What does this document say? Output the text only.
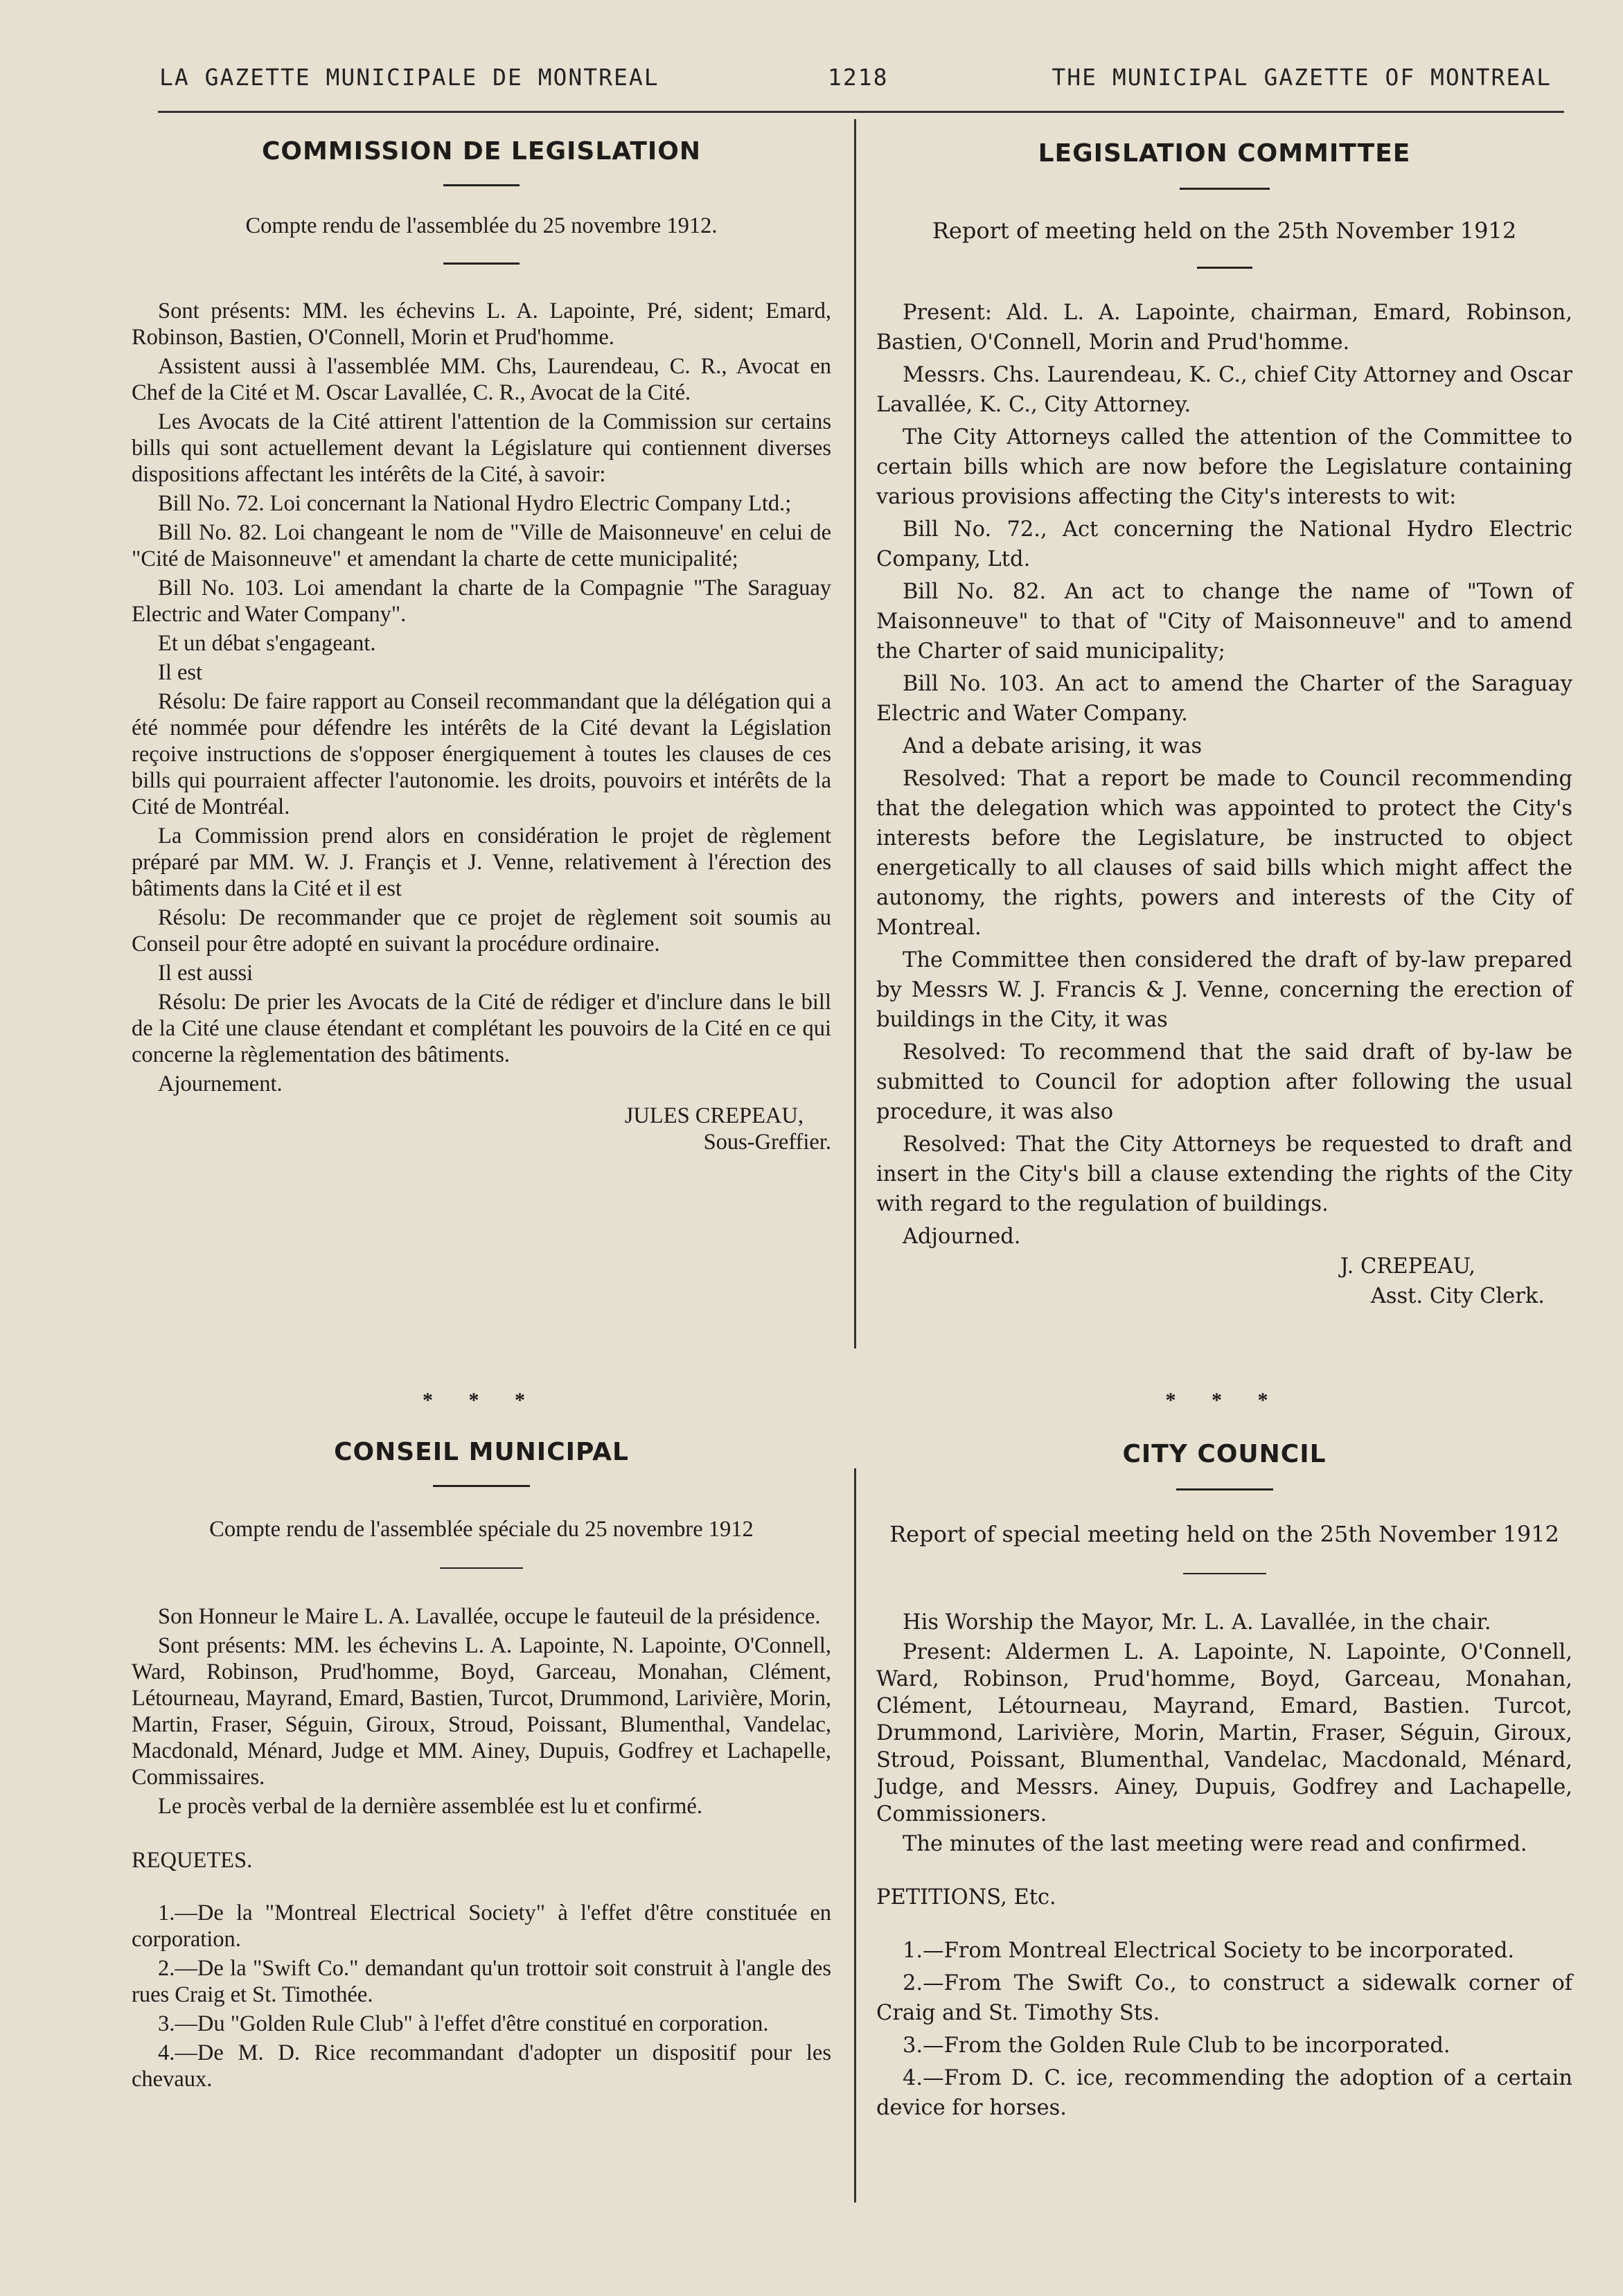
LA GAZETTE MUNICIPALE DE MONTREAL	1218	THE MUNICIPAL GAZETTE OF MONTREAL
COMMISSION DE LEGISLATION

Compte rendu de l'assemblée du 25 novembre 1912.

Sont présents: MM. les échevins L. A. Lapointe, Pré, sident; Emard, Robinson, Bastien, O'Connell, Morin et Prud'homme.

Assistent aussi à l'assemblée MM. Chs, Laurendeau, C. R., Avocat en Chef de la Cité et M. Oscar Lavallée, C. R., Avocat de la Cité.

Les Avocats de la Cité attirent l'attention de la Commission sur certains bills qui sont actuellement devant la Législature qui contiennent diverses dispositions affectant les intérêts de la Cité, à savoir:

Bill No. 72. Loi concernant la National Hydro Electric Company Ltd.;

Bill No. 82. Loi changeant le nom de "Ville de Maisonneuve' en celui de "Cité de Maisonneuve" et amendant la charte de cette municipalité;

Bill No. 103. Loi amendant la charte de la Compagnie "The Saraguay Electric and Water Company".

Et un débat s'engageant.

Il est

Résolu: De faire rapport au Conseil recommandant que la délégation qui a été nommée pour défendre les intérêts de la Cité devant la Législation reçoive instructions de s'opposer énergiquement à toutes les clauses de ces bills qui pourraient affecter l'autonomie. les droits, pouvoirs et intérêts de la Cité de Montréal.

La Commission prend alors en considération le projet de règlement préparé par MM. W. J. Françis et J. Venne, relativement à l'érection des bâtiments dans la Cité et il est

Résolu: De recommander que ce projet de règlement soit soumis au Conseil pour être adopté en suivant la procédure ordinaire.

Il est aussi

Résolu: De prier les Avocats de la Cité de rédiger et d'inclure dans le bill de la Cité une clause étendant et complétant les pouvoirs de la Cité en ce qui concerne la règlementation des bâtiments.

Ajournement.

JULES CREPEAU,

Sous-Greffier.

LEGISLATION COMMITTEE

Report of meeting held on the 25th November 1912

Present: Ald. L. A. Lapointe, chairman, Emard, Robinson, Bastien, O'Connell, Morin and Prud'homme.

Messrs. Chs. Laurendeau, K. C., chief City Attorney and Oscar Lavallée, K. C., City Attorney.

The City Attorneys called the attention of the Committee to certain bills which are now before the Legislature containing various provisions affecting the City's interests to wit:

Bill No. 72., Act concerning the National Hydro Electric Company, Ltd.

Bill No. 82. An act to change the name of "Town of Maisonneuve" to that of "City of Maisonneuve" and to amend the Charter of said municipality;

Bill No. 103. An act to amend the Charter of the Saraguay Electric and Water Company.

And a debate arising, it was

Resolved: That a report be made to Council recommending that the delegation which was appointed to protect the City's interests before the Legislature, be instructed to object energetically to all clauses of said bills which might affect the autonomy, the rights, powers and interests of the City of Montreal.

The Committee then considered the draft of by-law prepared by Messrs W. J. Francis & J. Venne, concerning the erection of buildings in the City, it was

Resolved: To recommend that the said draft of by-law be submitted to Council for adoption after following the usual procedure, it was also

Resolved: That the City Attorneys be requested to draft and insert in the City's bill a clause extending the rights of the City with regard to the regulation of buildings.

Adjourned.

J. CREPEAU,

Asst. City Clerk.

* * *	* * *

CONSEIL MUNICIPAL

Compte rendu de l'assemblée spéciale du 25 novembre 1912

Son Honneur le Maire L. A. Lavallée, occupe le fauteuil de la présidence.

Sont présents: MM. les échevins L. A. Lapointe, N. Lapointe, O'Connell, Ward, Robinson, Prud'homme, Boyd, Garceau, Monahan, Clément, Létourneau, Mayrand, Emard, Bastien, Turcot, Drummond, Larivière, Morin, Martin, Fraser, Séguin, Giroux, Stroud, Poissant, Blumenthal, Vandelac, Macdonald, Ménard, Judge et MM. Ainey, Dupuis, Godfrey et Lachapelle, Commissaires.

Le procès verbal de la dernière assemblée est lu et confirmé.

REQUETES.

1.—De la "Montreal Electrical Society" à l'effet d'être constituée en corporation.

2.—De la "Swift Co." demandant qu'un trottoir soit construit à l'angle des rues Craig et St. Timothée.

3.—Du "Golden Rule Club" à l'effet d'être constitué en corporation.

4.—De M. D. Rice recommandant d'adopter un dispositif pour les chevaux.

CITY COUNCIL

Report of special meeting held on the 25th November 1912

His Worship the Mayor, Mr. L. A. Lavallée, in the chair.

Present: Aldermen L. A. Lapointe, N. Lapointe, O'Connell, Ward, Robinson, Prud'homme, Boyd, Garceau, Monahan, Clément, Létourneau, Mayrand, Emard, Bastien. Turcot, Drummond, Larivière, Morin, Martin, Fraser, Séguin, Giroux, Stroud, Poissant, Blumenthal, Vandelac, Macdonald, Ménard, Judge, and Messrs. Ainey, Dupuis, Godfrey and Lachapelle, Commissioners.

The minutes of the last meeting were read and confirmed.

PETITIONS, Etc.

1.—From Montreal Electrical Society to be incorporated.

2.—From The Swift Co., to construct a sidewalk corner of Craig and St. Timothy Sts.

3.—From the Golden Rule Club to be incorporated.

4.—From D. C. ice, recommending the adoption of a certain device for horses.
